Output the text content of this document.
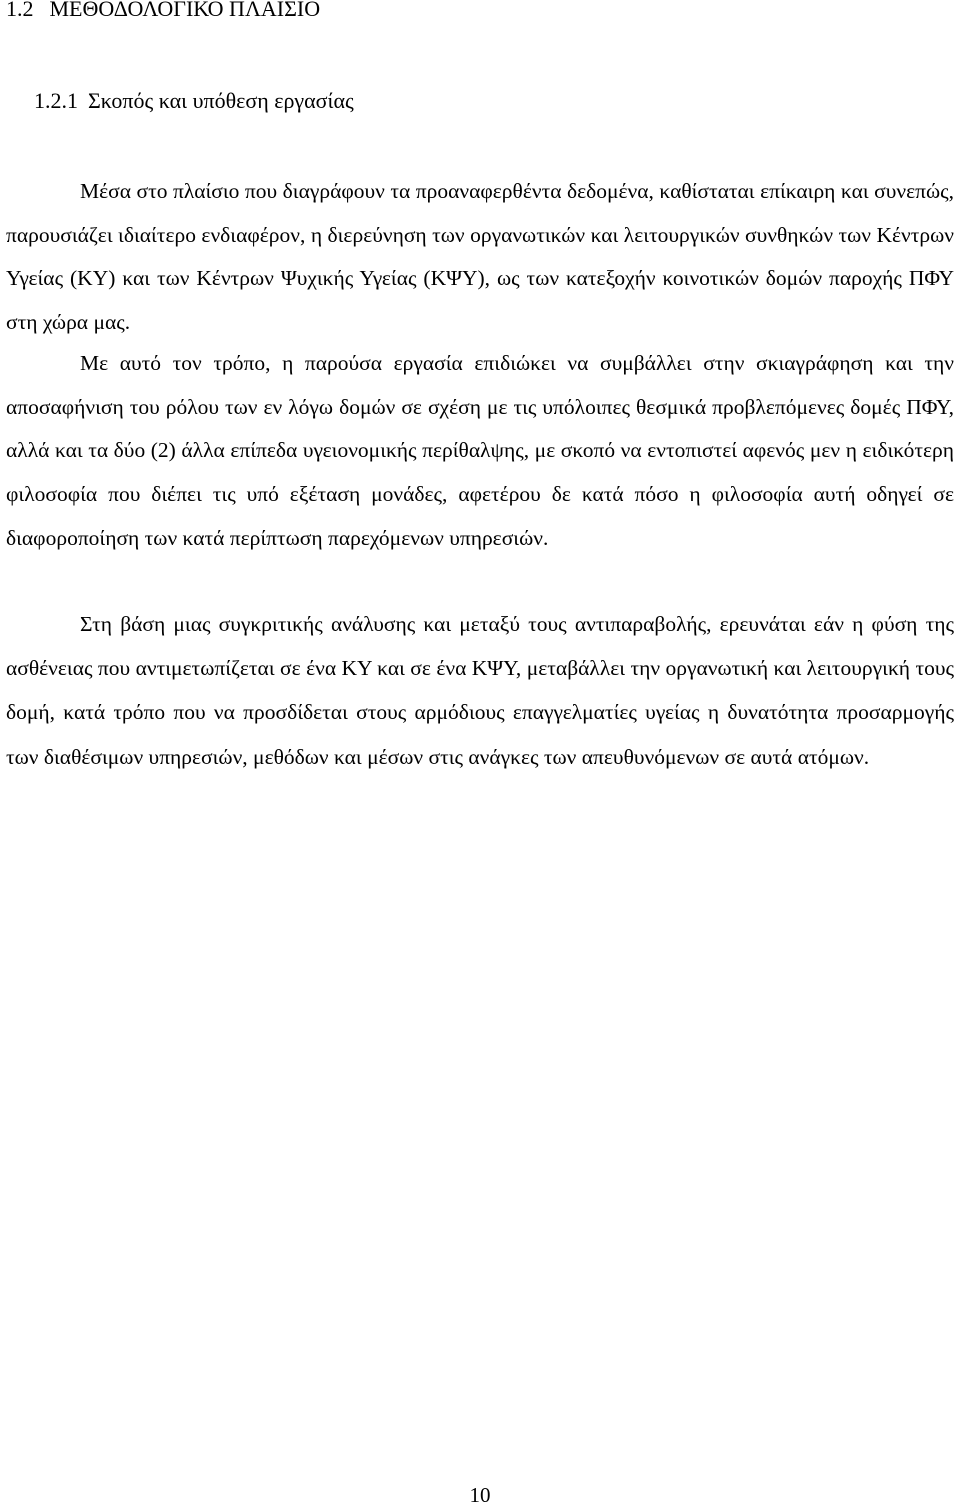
1.2 ΜΕΘΟΔΟΛΟΓΙΚΟ ΠΛΑΙΣΙΟ
1.2.1 Σκοπός και υπόθεση εργασίας

Μέσα στο πλαίσιο που διαγράφουν τα προαναφερθέντα δεδομένα, καθίσταται επίκαιρη και συνεπώς, παρουσιάζει ιδιαίτερο ενδιαφέρον, η διερεύνηση των οργανωτικών και λειτουργικών συνθηκών των Κέντρων Υγείας (ΚΥ) και των Κέντρων Ψυχικής Υγείας (ΚΨΥ), ως των κατεξοχήν κοινοτικών δομών παροχής ΠΦΥ στη χώρα μας.

Με αυτό τον τρόπο, η παρούσα εργασία επιδιώκει να συμβάλλει στην σκιαγράφηση και την αποσαφήνιση του ρόλου των εν λόγω δομών σε σχέση με τις υπόλοιπες θεσμικά προβλεπόμενες δομές ΠΦΥ, αλλά και τα δύο (2) άλλα επίπεδα υγειονομικής περίθαλψης, με σκοπό να εντοπιστεί αφενός μεν η ειδικότερη φιλοσοφία που διέπει τις υπό εξέταση μονάδες, αφετέρου δε κατά πόσο η φιλοσοφία αυτή οδηγεί σε διαφοροποίηση των κατά περίπτωση παρεχόμενων υπηρεσιών.

Στη βάση μιας συγκριτικής ανάλυσης και μεταξύ τους αντιπαραβολής, ερευνάται εάν η φύση της ασθένειας που αντιμετωπίζεται σε ένα ΚΥ και σε ένα ΚΨΥ, μεταβάλλει την οργανωτική και λειτουργική τους δομή, κατά τρόπο που να προσδίδεται στους αρμόδιους επαγγελματίες υγείας η δυνατότητα προσαρμογής των διαθέσιμων υπηρεσιών, μεθόδων και μέσων στις ανάγκες των απευθυνόμενων σε αυτά ατόμων.

10
